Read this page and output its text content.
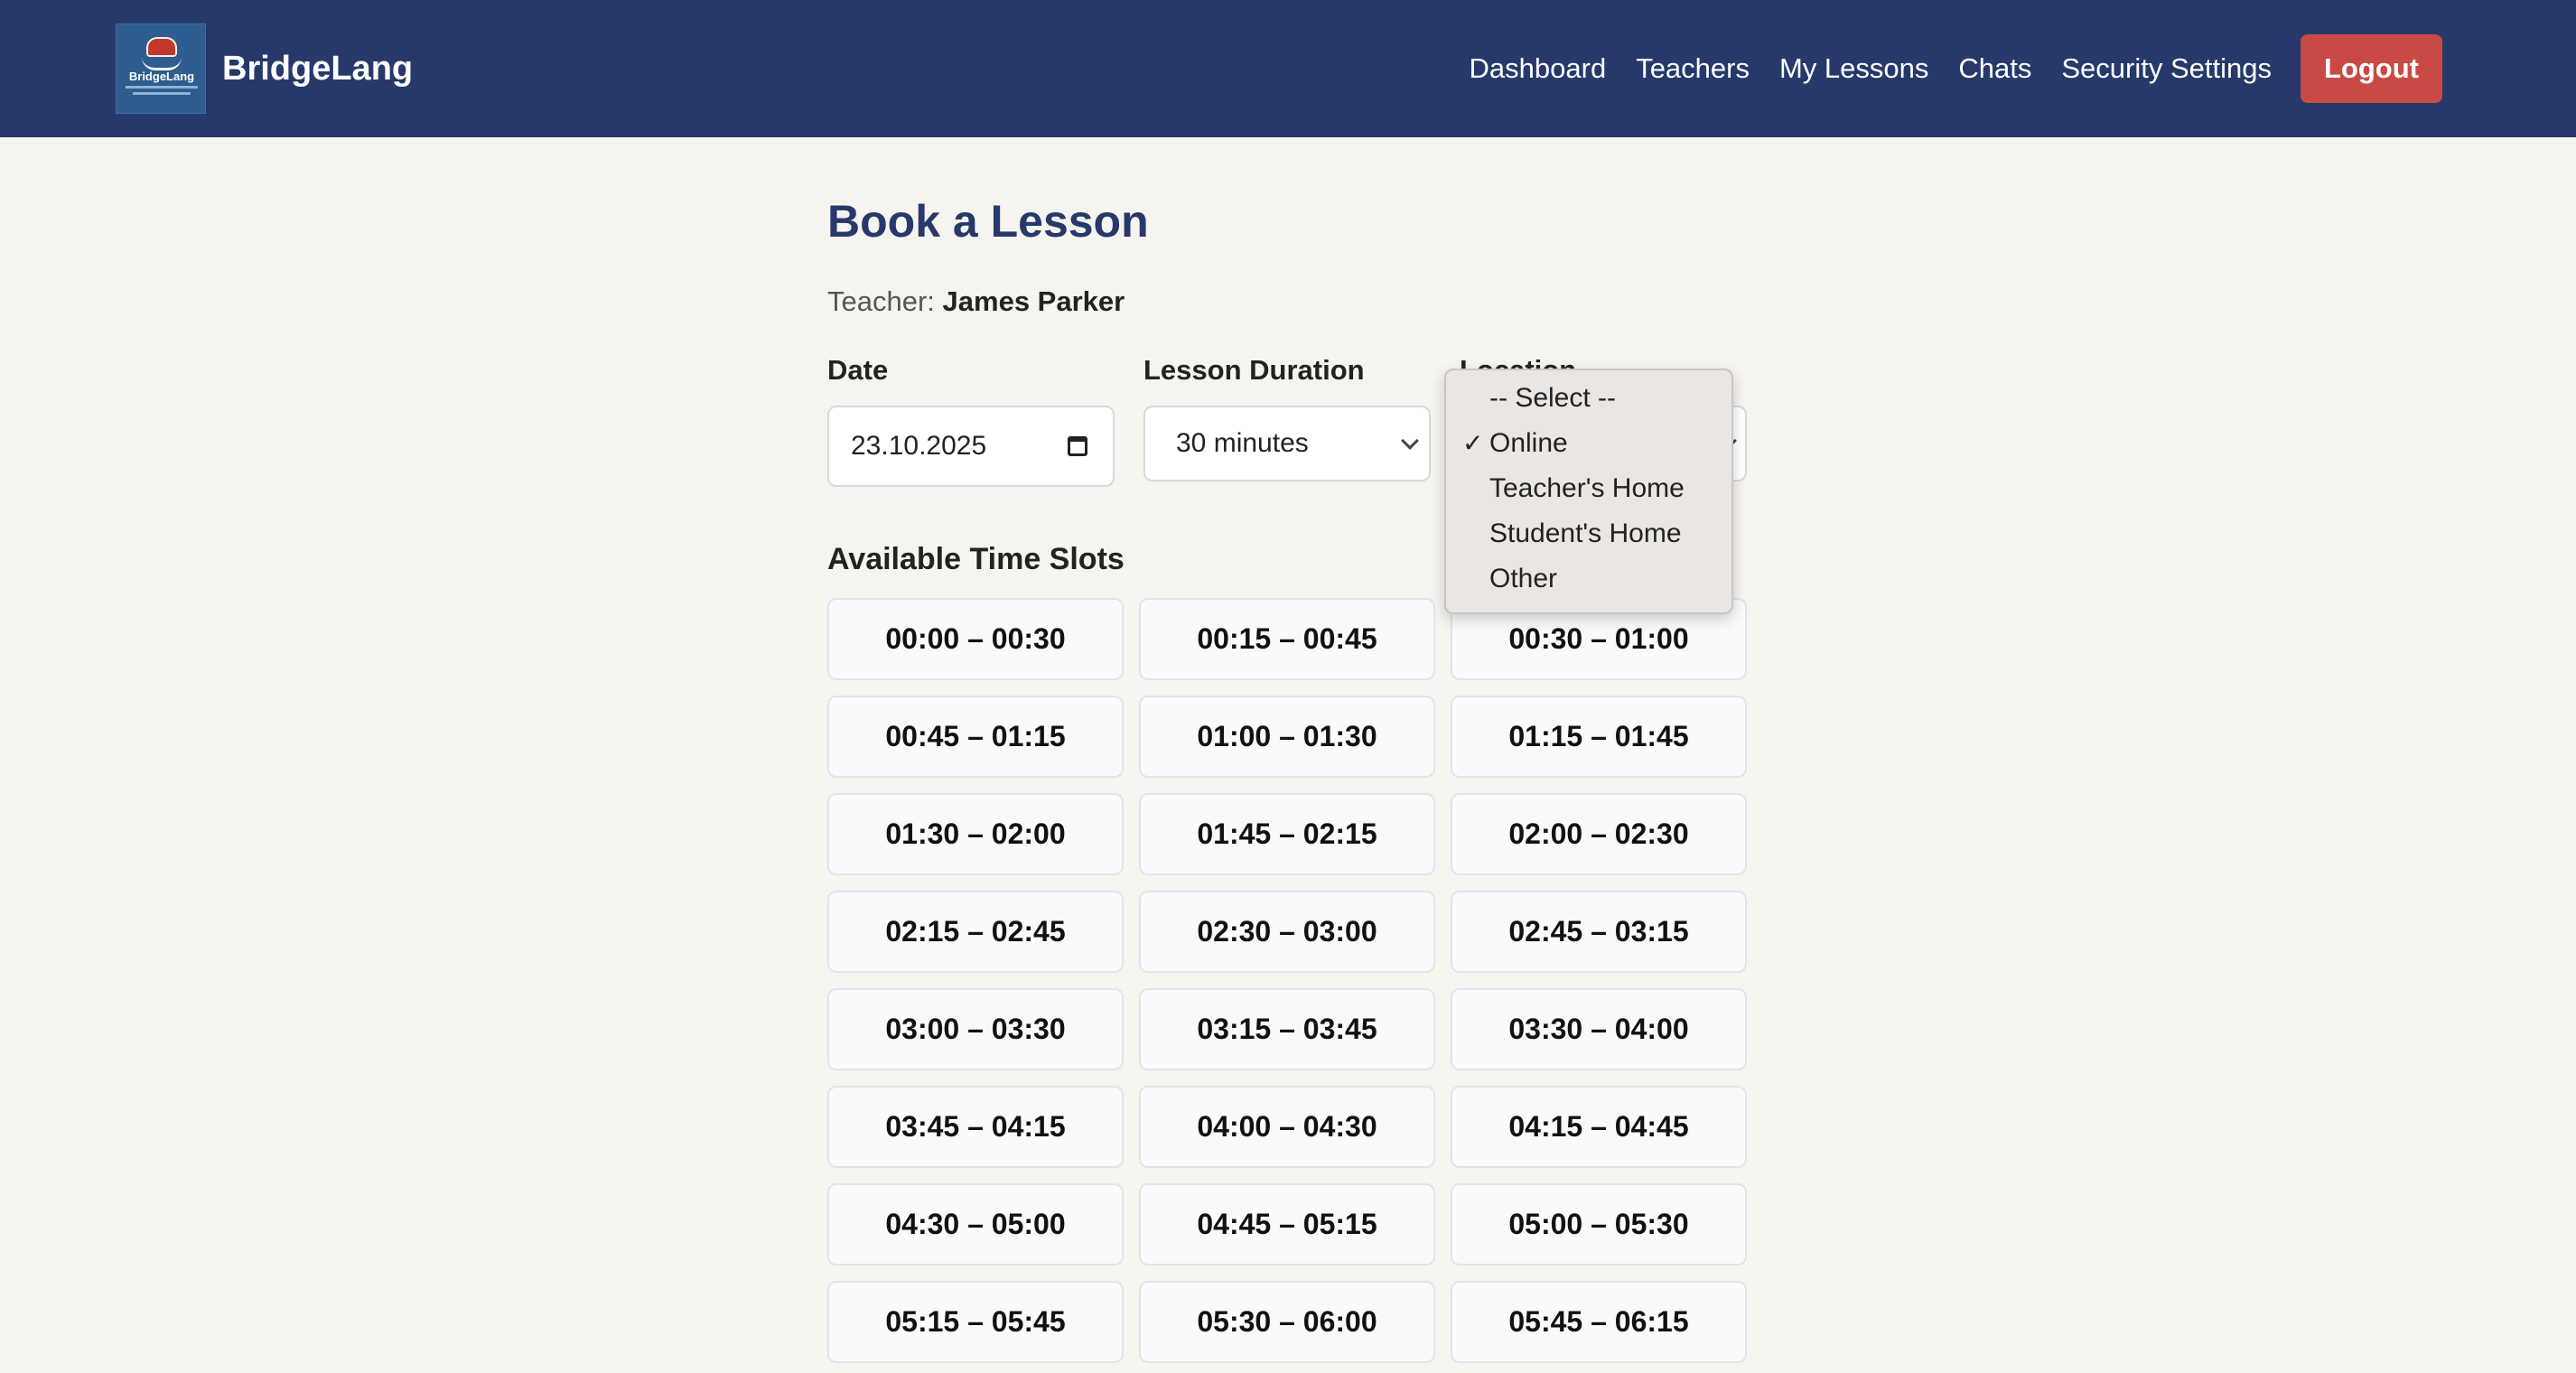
BridgeLang BridgeLang	Dashboard Teachers My Lessons Chats Security Settings	Logout
Book a Lesson
Teacher: James Parker
Date
23.10.2025
Lesson Duration
30 minutes
-- Select --
✓ Online
Teacher's Home
Student's Home
Other
Available Time Slots
00:00 – 00:30	00:15 – 00:45	00:30 – 01:00
00:45 – 01:15	01:00 – 01:30	01:15 – 01:45
01:30 – 02:00	01:45 – 02:15	02:00 – 02:30
02:15 – 02:45	02:30 – 03:00	02:45 – 03:15
03:00 – 03:30	03:15 – 03:45	03:30 – 04:00
03:45 – 04:15	04:00 – 04:30	04:15 – 04:45
04:30 – 05:00	04:45 – 05:15	05:00 – 05:30
05:15 – 05:45	05:30 – 06:00	05:45 – 06:15
